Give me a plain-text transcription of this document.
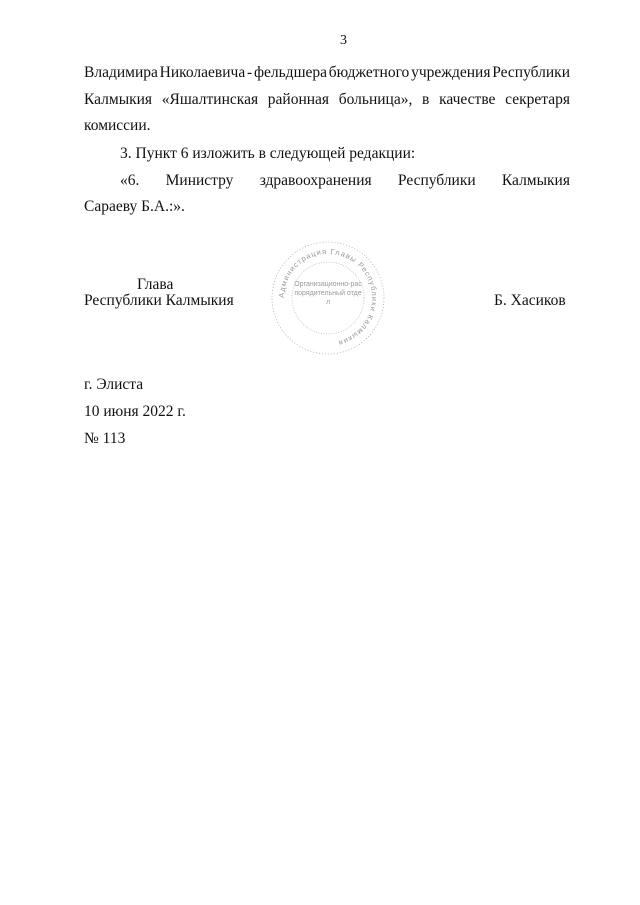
3
Владимира Николаевича - фельдшера бюджетного учреждения Республики
Калмыкия «Яшалтинская районная больница», в качестве секретаря
комиссии.
3. Пункт 6 изложить в следующей редакции:
«6. Министру здравоохранения Республики Калмыкия
Сараеву Б.А.:».
Глава
Республики Калмыкия	Б. Хасиков
Администрация Главы Республики Калмыкия
Организационно-распорядительный отдел
г. Элиста
10 июня 2022 г.
№ 113
